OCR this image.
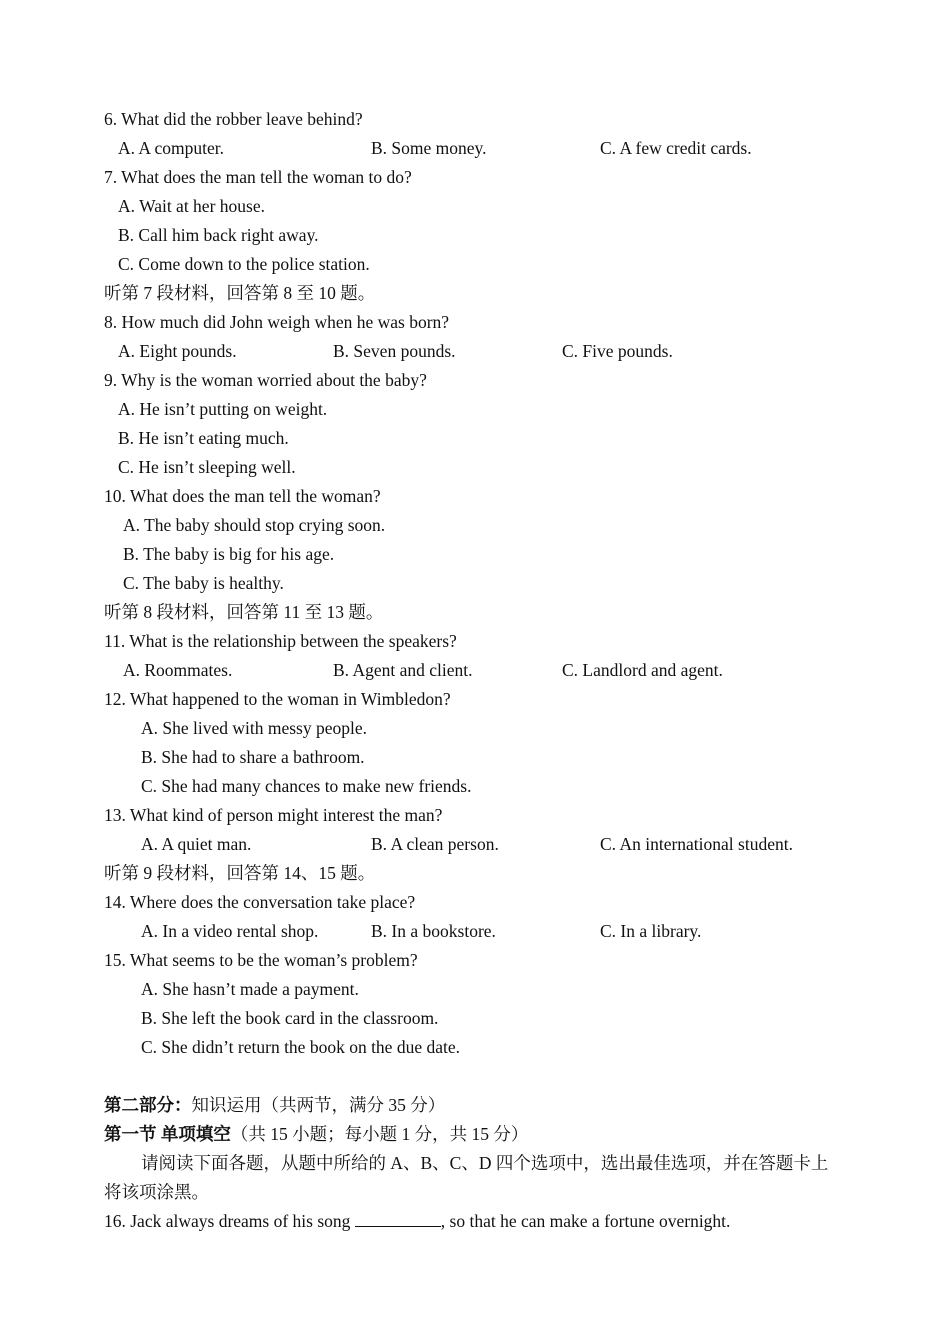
6. What did the robber leave behind?
A. A computer.	B. Some money.	C. A few credit cards.
7. What does the man tell the woman to do?
A. Wait at her house.
B. Call him back right away.
C. Come down to the police station.
听第 7 段材料，回答第 8 至 10 题。
8. How much did John weigh when he was born?
A. Eight pounds.	B. Seven pounds.	C. Five pounds.
9. Why is the woman worried about the baby?
A. He isn’t putting on weight.
B. He isn’t eating much.
C. He isn’t sleeping well.
10. What does the man tell the woman?
A. The baby should stop crying soon.
B. The baby is big for his age.
C. The baby is healthy.
听第 8 段材料，回答第 11 至 13 题。
11. What is the relationship between the speakers?
A. Roommates.	B. Agent and client.	C. Landlord and agent.
12. What happened to the woman in Wimbledon?
A. She lived with messy people.
B. She had to share a bathroom.
C. She had many chances to make new friends.
13. What kind of person might interest the man?
A. A quiet man.	B. A clean person.	C. An international student.
听第 9 段材料，回答第 14、15 题。
14. Where does the conversation take place?
A. In a video rental shop.	B. In a bookstore.	C. In a library.
15. What seems to be the woman’s problem?
A. She hasn’t made a payment.
B. She left the book card in the classroom.
C. She didn’t return the book on the due date.
第二部分：知识运用（共两节，满分 35 分）
第一节 单项填空（共 15 小题；每小题 1 分，共 15 分）
请阅读下面各题，从题中所给的 A、B、C、D 四个选项中，选出最佳选项，并在答题卡上
将该项涂黑。
16. Jack always dreams of his song	, so that he can make a fortune overnight.
